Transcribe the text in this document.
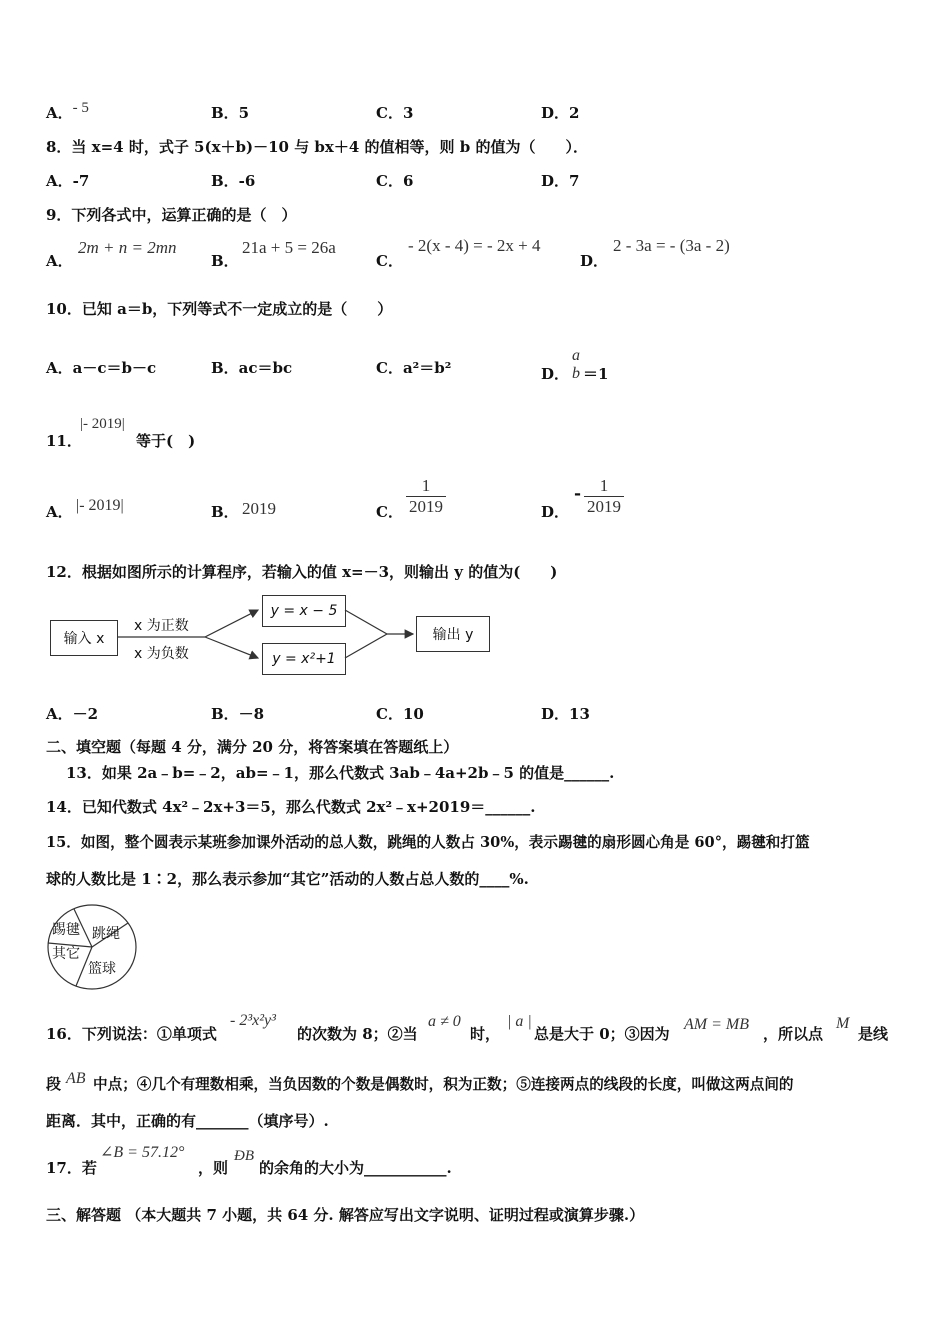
A．- 5	B．5	C．3	D．2
8．当 x=4 时，式子 5(x＋b)－10 与 bx＋4 的值相等，则 b 的值为（　　）．
A．-7	B．-6	C．6	D．7
9．下列各式中，运算正确的是（　）
A．
2m + n = 2mn
B．
21a + 5 = 26a
C．
- 2(x - 4) = - 2x + 4
D．
2 - 3a = - (3a - 2)
10．已知 a＝b，下列等式不一定成立的是（　　）
A．a－c＝b－c	B．ac＝bc	C．a²＝b²	D．
a
b ＝1
11．
|- 2019|
等于(　)
A． |- 2019|	B． 2019	C． $\frac{1}{2019}$	D．
- $\frac{1}{2019}$
12．根据如图所示的计算程序，若输入的值 x=－3，则输出 y 的值为(　　)
输入 x
y = x − 5
y = x²+1
输出 y
x 为正数
x 为负数
A．－2	B．－8	C．10	D．13
二、填空题（每题 4 分，满分 20 分，将答案填在答题纸上）
13．如果 2a﹣b=﹣2，ab=﹣1，那么代数式 3ab﹣4a+2b﹣5 的值是______.
14．已知代数式 4x²﹣2x+3＝5，那么代数式 2x²﹣x+2019＝______.
15．如图，整个圆表示某班参加课外活动的总人数，跳绳的人数占 30%，表示踢毽的扇形圆心角是 60°，踢毽和打篮
球的人数比是 1∶2，那么表示参加“其它”活动的人数占总人数的____%.
踢毽 跳绳
其它
篮球
16．下列说法：①单项式
- 2³x²y³
的次数为 8；②当
a ≠ 0
时，
| a |
总是大于 0；③因为
AM = MB
，所以点
M
是线
段 AB 中点；④几个有理数相乘，当负因数的个数是偶数时，积为正数；⑤连接两点的线段的长度，叫做这两点间的
距离．其中，正确的有_______（填序号）.
17．若
∠B = 57.12°
，则
ÐB
的余角的大小为___________.
三、解答题 （本大题共 7 小题，共 64 分. 解答应写出文字说明、证明过程或演算步骤.）
